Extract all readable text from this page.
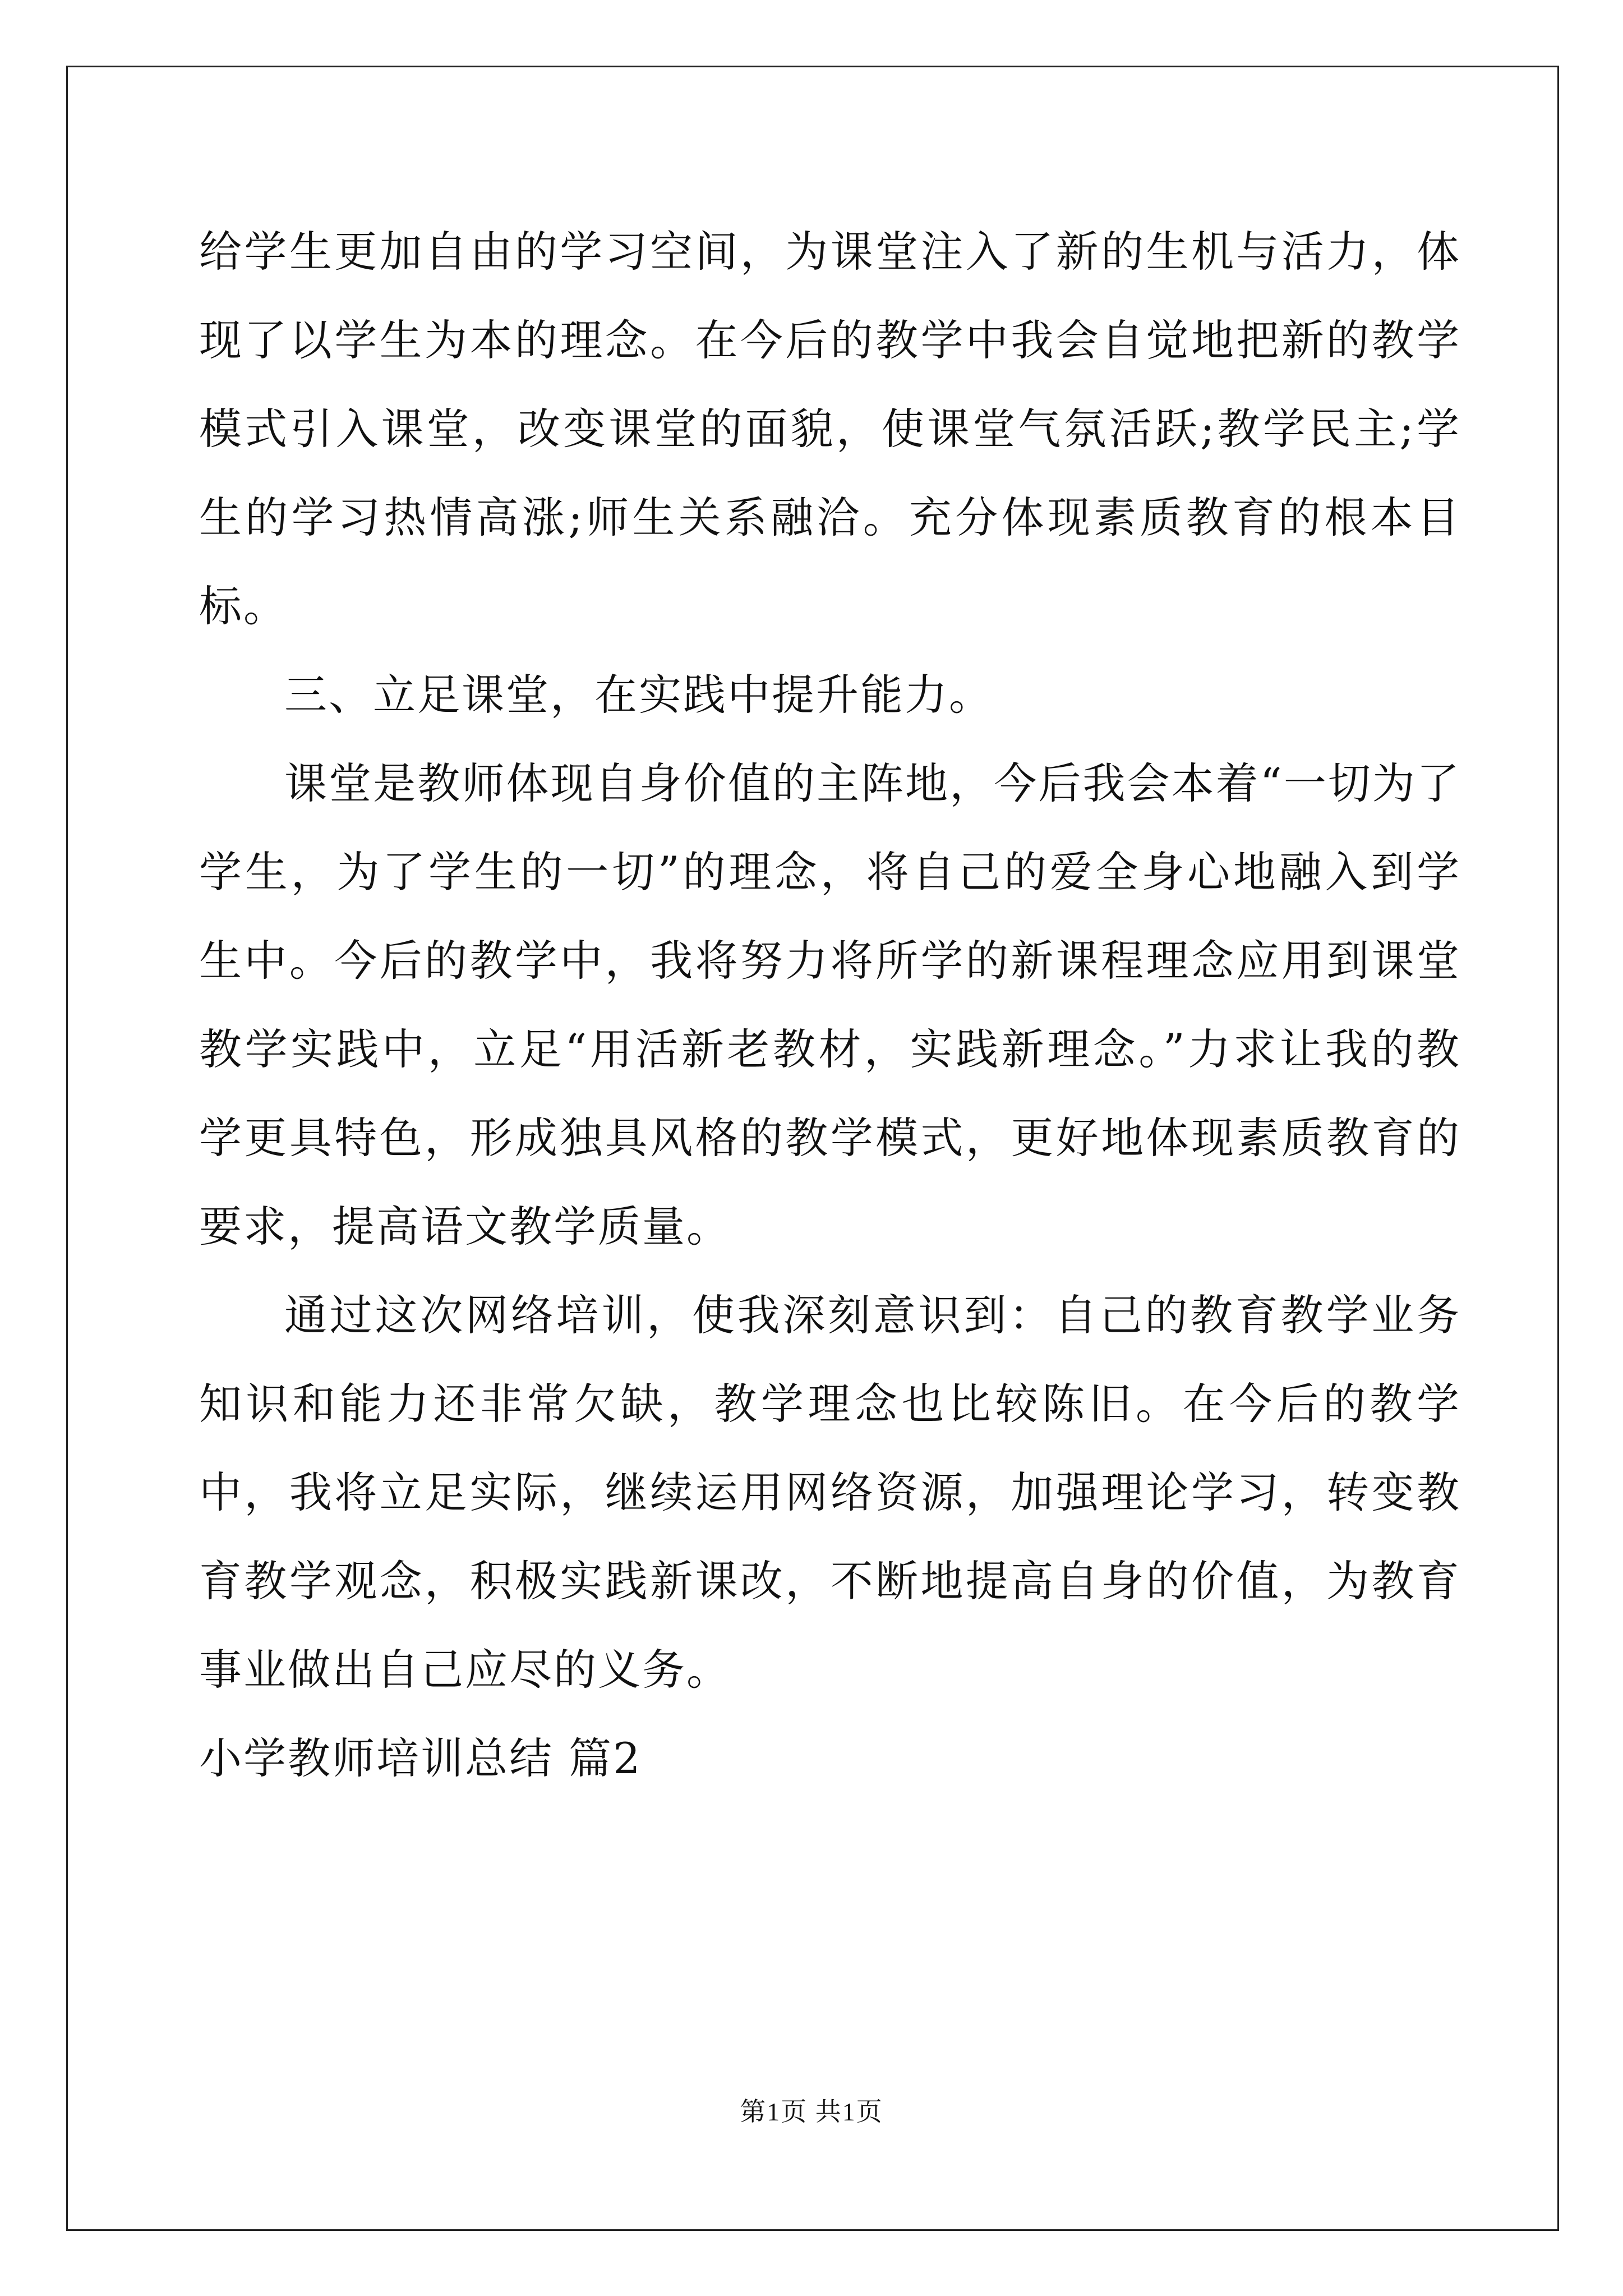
给学生更加自由的学习空间，为课堂注入了新的生机与活力，体现了以学生为本的理念。在今后的教学中我会自觉地把新的教学模式引入课堂，改变课堂的面貌，使课堂气氛活跃;教学民主;学生的学习热情高涨;师生关系融洽。充分体现素质教育的根本目标。

三、立足课堂，在实践中提升能力。

课堂是教师体现自身价值的主阵地，今后我会本着“一切为了学生，为了学生的一切”的理念，将自己的爱全身心地融入到学生中。今后的教学中，我将努力将所学的新课程理念应用到课堂教学实践中，立足“用活新老教材，实践新理念。”力求让我的教学更具特色，形成独具风格的教学模式，更好地体现素质教育的要求，提高语文教学质量。

通过这次网络培训，使我深刻意识到：自己的教育教学业务知识和能力还非常欠缺，教学理念也比较陈旧。在今后的教学中，我将立足实际，继续运用网络资源，加强理论学习，转变教育教学观念，积极实践新课改，不断地提高自身的价值，为教育事业做出自己应尽的义务。

小学教师培训总结 篇2

第1页 共1页
